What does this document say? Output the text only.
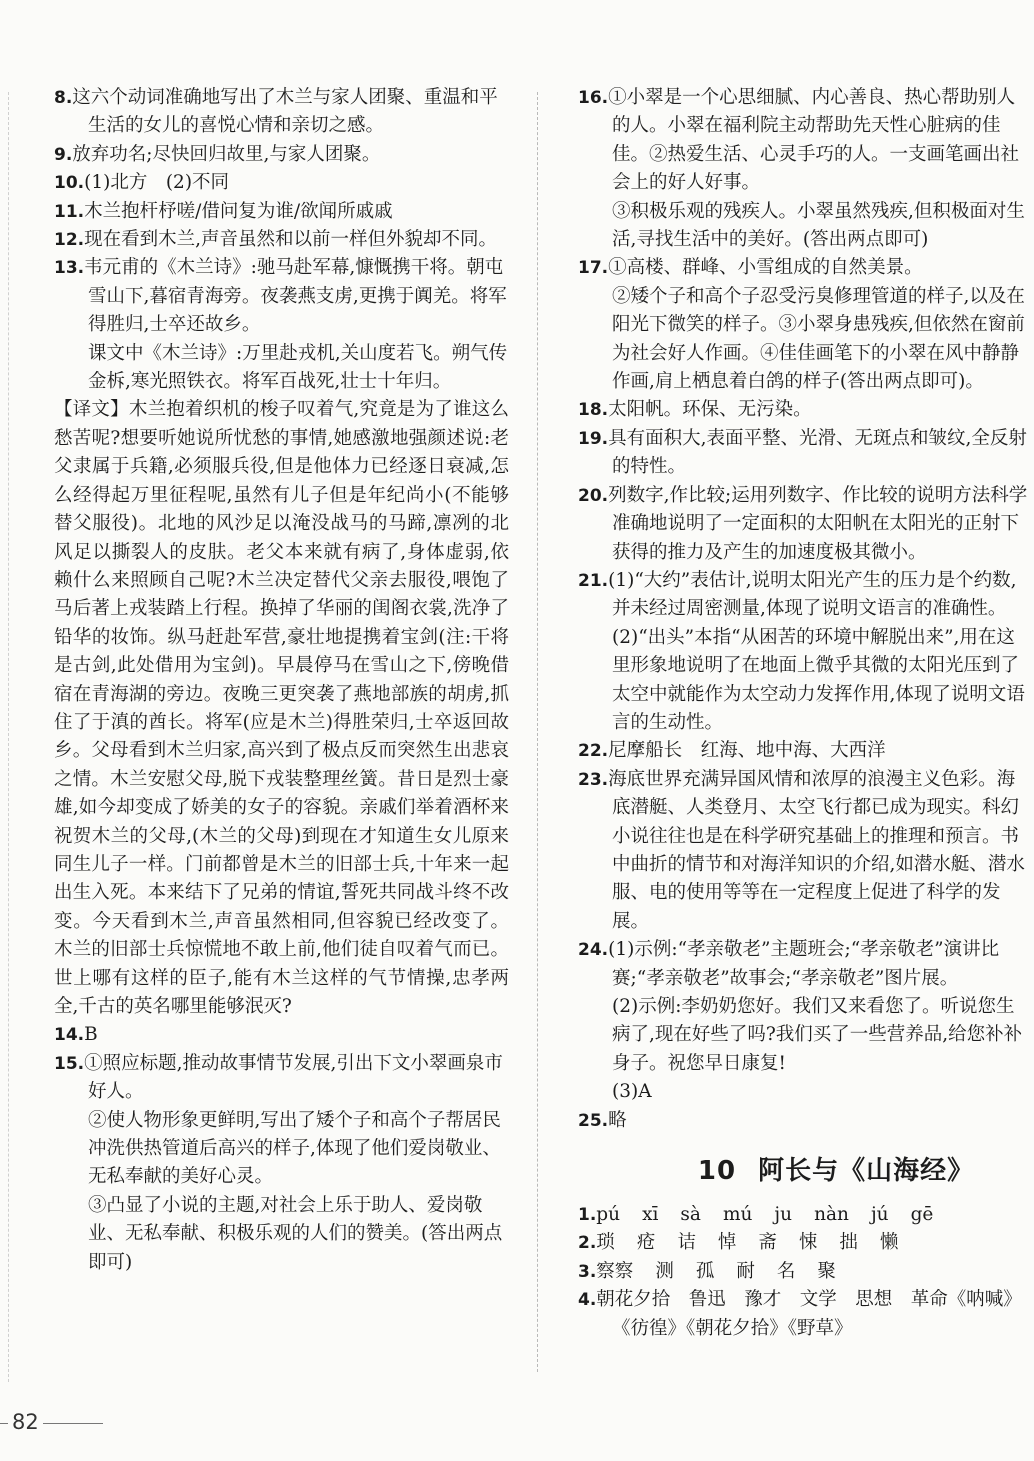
8.这六个动词准确地写出了木兰与家人团聚、重温和平生活的女儿的喜悦心情和亲切之感。

9.放弃功名;尽快回归故里,与家人团聚。

10.(1)北方　(2)不同

11.木兰抱杆杼嗟/借问复为谁/欲闻所戚戚

12.现在看到木兰,声音虽然和以前一样但外貌却不同。

13.韦元甫的《木兰诗》:驰马赴军幕,慷慨携干将。朝屯雪山下,暮宿青海旁。夜袭燕支虏,更携于阗羌。将军得胜归,士卒还故乡。

课文中《木兰诗》:万里赴戎机,关山度若飞。朔气传金柝,寒光照铁衣。将军百战死,壮士十年归。

【译文】木兰抱着织机的梭子叹着气,究竟是为了谁这么愁苦呢?想要听她说所忧愁的事情,她感激地强颜述说:老父隶属于兵籍,必须服兵役,但是他体力已经逐日衰减,怎么经得起万里征程呢,虽然有儿子但是年纪尚小(不能够替父服役)。北地的风沙足以淹没战马的马蹄,凛冽的北风足以撕裂人的皮肤。老父本来就有病了,身体虚弱,依赖什么来照顾自己呢?木兰决定替代父亲去服役,喂饱了马后著上戎装踏上行程。换掉了华丽的闺阁衣裳,洗净了铅华的妆饰。纵马赶赴军营,豪壮地提携着宝剑(注:干将是古剑,此处借用为宝剑)。早晨停马在雪山之下,傍晚借宿在青海湖的旁边。夜晚三更突袭了燕地部族的胡虏,抓住了于滇的酋长。将军(应是木兰)得胜荣归,士卒返回故乡。父母看到木兰归家,高兴到了极点反而突然生出悲哀之情。木兰安慰父母,脱下戎装整理丝簧。昔日是烈士豪雄,如今却变成了娇美的女子的容貌。亲戚们举着酒杯来祝贺木兰的父母,(木兰的父母)到现在才知道生女儿原来同生儿子一样。门前都曾是木兰的旧部士兵,十年来一起出生入死。本来结下了兄弟的情谊,誓死共同战斗终不改变。今天看到木兰,声音虽然相同,但容貌已经改变了。木兰的旧部士兵惊慌地不敢上前,他们徒自叹着气而已。世上哪有这样的臣子,能有木兰这样的气节情操,忠孝两全,千古的英名哪里能够泯灭?

14.B

15.①照应标题,推动故事情节发展,引出下文小翠画泉市好人。

②使人物形象更鲜明,写出了矮个子和高个子帮居民冲洗供热管道后高兴的样子,体现了他们爱岗敬业、无私奉献的美好心灵。

③凸显了小说的主题,对社会上乐于助人、爱岗敬业、无私奉献、积极乐观的人们的赞美。(答出两点即可)

16.①小翠是一个心思细腻、内心善良、热心帮助别人的人。小翠在福利院主动帮助先天性心脏病的佳佳。②热爱生活、心灵手巧的人。一支画笔画出社会上的好人好事。

③积极乐观的残疾人。小翠虽然残疾,但积极面对生活,寻找生活中的美好。(答出两点即可)

17.①高楼、群峰、小雪组成的自然美景。

②矮个子和高个子忍受污臭修理管道的样子,以及在阳光下微笑的样子。③小翠身患残疾,但依然在窗前为社会好人作画。④佳佳画笔下的小翠在风中静静作画,肩上栖息着白鸽的样子(答出两点即可)。

18.太阳帆。环保、无污染。

19.具有面积大,表面平整、光滑、无斑点和皱纹,全反射的特性。

20.列数字,作比较;运用列数字、作比较的说明方法科学准确地说明了一定面积的太阳帆在太阳光的正射下获得的推力及产生的加速度极其微小。

21.(1)“大约”表估计,说明太阳光产生的压力是个约数,并未经过周密测量,体现了说明文语言的准确性。

(2)“出头”本指“从困苦的环境中解脱出来”,用在这里形象地说明了在地面上微乎其微的太阳光压到了太空中就能作为太空动力发挥作用,体现了说明文语言的生动性。

22.尼摩船长　红海、地中海、大西洋

23.海底世界充满异国风情和浓厚的浪漫主义色彩。海底潜艇、人类登月、太空飞行都已成为现实。科幻小说往往也是在科学研究基础上的推理和预言。书中曲折的情节和对海洋知识的介绍,如潜水艇、潜水服、电的使用等等在一定程度上促进了科学的发展。

24.(1)示例:“孝亲敬老”主题班会;“孝亲敬老”演讲比赛;“孝亲敬老”故事会;“孝亲敬老”图片展。

(2)示例:李奶奶您好。我们又来看您了。听说您生病了,现在好些了吗?我们买了一些营养品,给您补补身子。祝您早日康复!

(3)A

25.略

10 阿长与《山海经》

1.pú xī sà mú ju nàn jú gē

2.琐 疮 诘 悼 斋 悚 拙 懒

3.察察 测 孤 耐 名 聚

4.朝花夕拾　鲁迅　豫才　文学　思想　革命《呐喊》《彷徨》《朝花夕拾》《野草》

82
